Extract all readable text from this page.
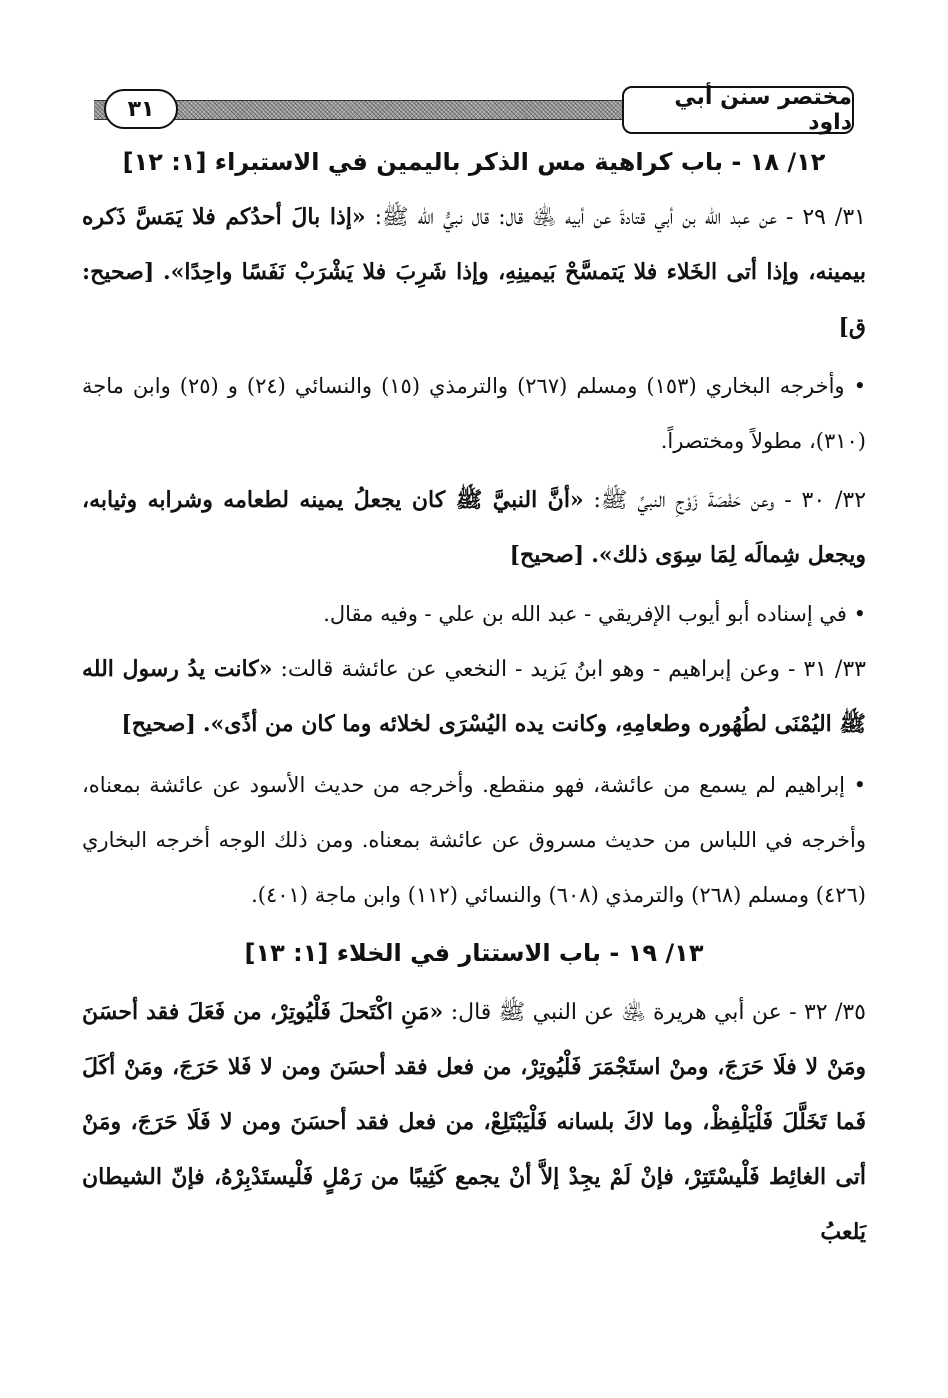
مختصر سنن أبي داود
٣١
١٢/ ١٨ - باب كراهية مس الذكر باليمين في الاستبراء [١: ١٢]

٣١/ ٢٩ - عن عبد الله بن أبي قتادةَ عن أبيه ﵁ قال: قال نبيُّ الله ﷺ: «إذا بالَ أحدُكم فلا يَمَسَّ ذَكره بيمينه، وإذا أتى الخَلاء فلا يَتمسَّحْ بَيمينِهِ، وإذا شَرِبَ فلا يَشْرَبْ نَفَسًا واحِدًا». [صحيح: ق]

• وأخرجه البخاري (١٥٣) ومسلم (٢٦٧) والترمذي (١٥) والنسائي (٢٤) و (٢٥) وابن ماجة (٣١٠)، مطولاً ومختصراً.

٣٢/ ٣٠ - وعن حَفْصَةَ زَوْجِ النبيِّ ﷺ: «أنَّ النبيَّ ﷺ كان يجعلُ يمينه لطعامه وشرابه وثيابه، ويجعل شِمالَه لِمَا سِوَى ذلك». [صحيح]

• في إسناده أبو أيوب الإفريقي - عبد الله بن علي - وفيه مقال.

٣٣/ ٣١ - وعن إبراهيم - وهو ابنُ يَزيد - النخعي عن عائشة قالت: «كانت يدُ رسول الله ﷺ اليُمْنَى لطُهُوره وطعامِهِ، وكانت يده اليُسْرَى لخلائه وما كان من أذًى». [صحيح]

• إبراهيم لم يسمع من عائشة، فهو منقطع. وأخرجه من حديث الأسود عن عائشة بمعناه، وأخرجه في اللباس من حديث مسروق عن عائشة بمعناه. ومن ذلك الوجه أخرجه البخاري (٤٢٦) ومسلم (٢٦٨) والترمذي (٦٠٨) والنسائي (١١٢) وابن ماجة (٤٠١).

١٣/ ١٩ - باب الاستتار في الخلاء [١: ١٣]

٣٥/ ٣٢ - عن أبي هريرة ﵁ عن النبي ﷺ قال: «مَنِ اكْتَحلَ فَلْيُوتِرْ، من فَعَلَ فقد أحسَنَ ومَنْ لا فلَا حَرَجَ، ومنْ استَجْمَرَ فَلْيُوتِرْ، من فعل فقد أحسَنَ ومن لا فَلا حَرَجَ، ومَنْ أكَلَ فَما تَخَلَّلَ فَلْيَلْفِظْ، وما لاكَ بلسانه فَلْيَبْتَلِعْ، من فعل فقد أحسَنَ ومن لا فَلَا حَرَجَ، ومَنْ أتى الغائِط فَلْيسْتَتِرْ، فإنْ لَمْ يجِدْ إلاَّ أنْ يجمع كَثِيبًا من رَمْلٍ فَلْيستَدْبِرْهُ، فإنّ الشيطان يَلعبُ
